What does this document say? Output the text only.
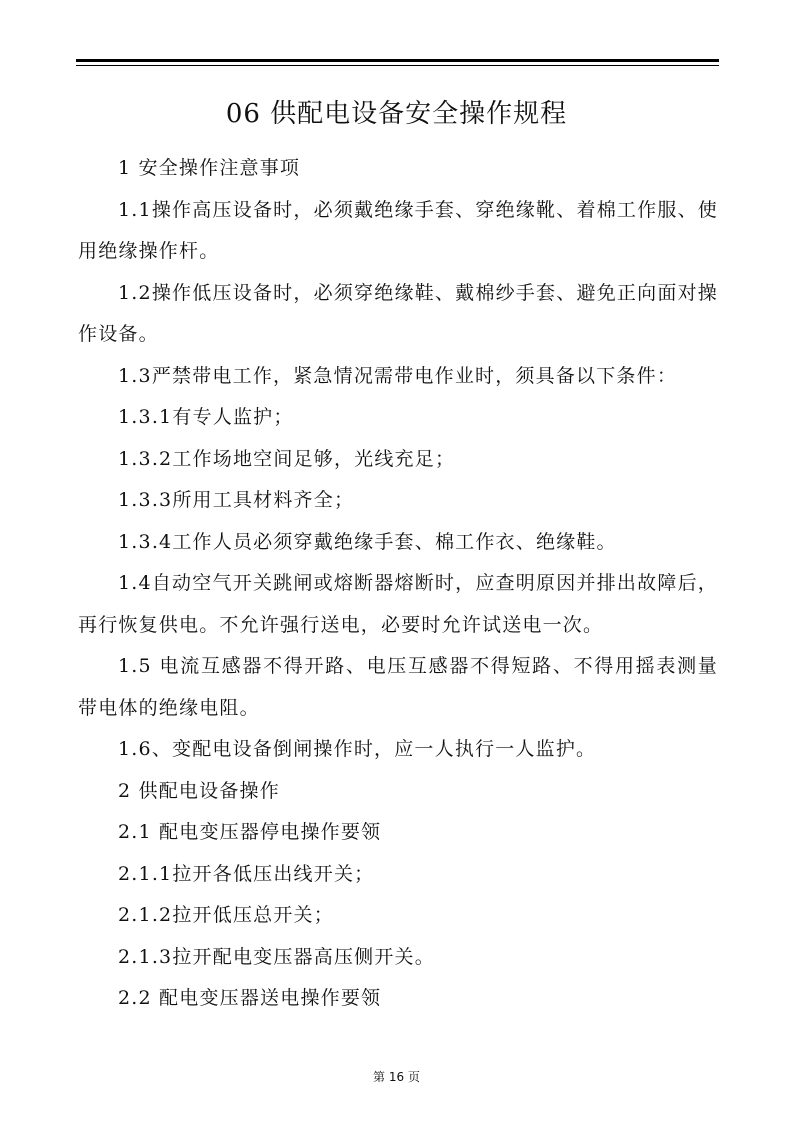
06 供配电设备安全操作规程

1 安全操作注意事项

1.1操作高压设备时，必须戴绝缘手套、穿绝缘靴、着棉工作服、使用绝缘操作杆。

1.2操作低压设备时，必须穿绝缘鞋、戴棉纱手套、避免正向面对操作设备。

1.3严禁带电工作，紧急情况需带电作业时，须具备以下条件：

1.3.1有专人监护；

1.3.2工作场地空间足够，光线充足；

1.3.3所用工具材料齐全；

1.3.4工作人员必须穿戴绝缘手套、棉工作衣、绝缘鞋。

1.4自动空气开关跳闸或熔断器熔断时，应查明原因并排出故障后，再行恢复供电。不允许强行送电，必要时允许试送电一次。

1.5 电流互感器不得开路、电压互感器不得短路、不得用摇表测量带电体的绝缘电阻。

1.6、变配电设备倒闸操作时，应一人执行一人监护。

2 供配电设备操作

2.1 配电变压器停电操作要领

2.1.1拉开各低压出线开关；

2.1.2拉开低压总开关；

2.1.3拉开配电变压器高压侧开关。

2.2 配电变压器送电操作要领

第 16 页
